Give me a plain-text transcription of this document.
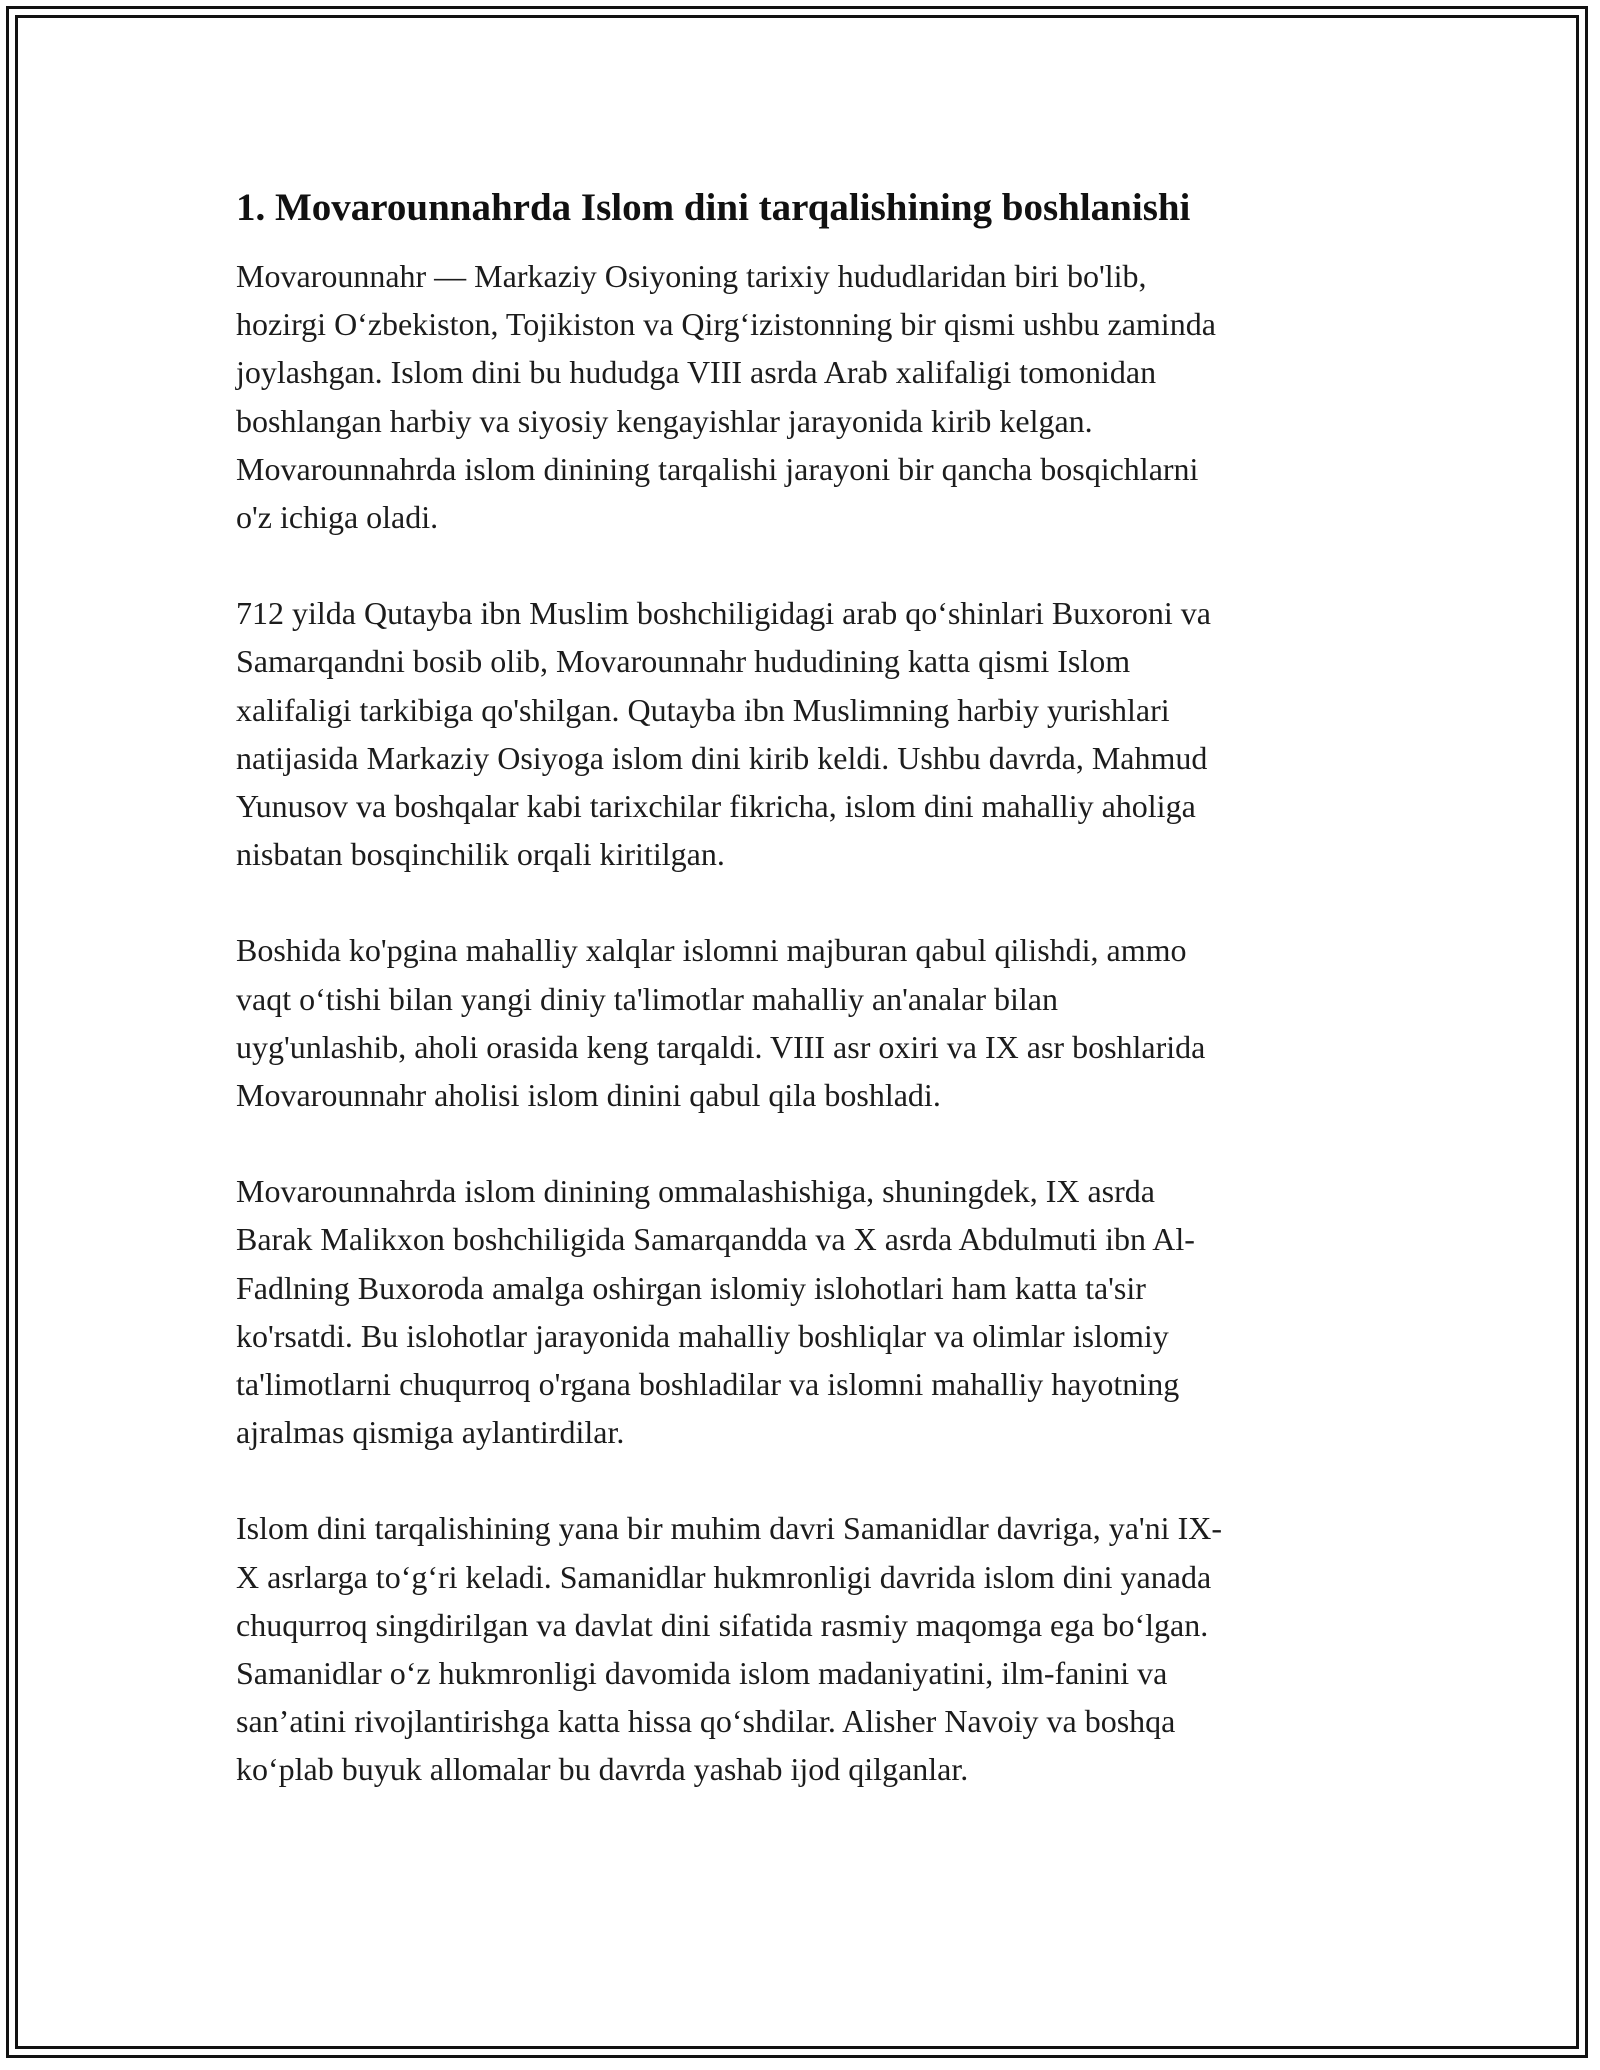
1. Movarounnahrda Islom dini tarqalishining boshlanishi
Movarounnahr — Markaziy Osiyoning tarixiy hududlaridan biri bo'lib,
hozirgi O‘zbekiston, Tojikiston va Qirg‘izistonning bir qismi ushbu zaminda
joylashgan. Islom dini bu hududga VIII asrda Arab xalifaligi tomonidan
boshlangan harbiy va siyosiy kengayishlar jarayonida kirib kelgan.
Movarounnahrda islom dinining tarqalishi jarayoni bir qancha bosqichlarni
o'z ichiga oladi.
712 yilda Qutayba ibn Muslim boshchiligidagi arab qo‘shinlari Buxoroni va
Samarqandni bosib olib, Movarounnahr hududining katta qismi Islom
xalifaligi tarkibiga qo'shilgan. Qutayba ibn Muslimning harbiy yurishlari
natijasida Markaziy Osiyoga islom dini kirib keldi. Ushbu davrda, Mahmud
Yunusov va boshqalar kabi tarixchilar fikricha, islom dini mahalliy aholiga
nisbatan bosqinchilik orqali kiritilgan.
Boshida ko'pgina mahalliy xalqlar islomni majburan qabul qilishdi, ammo
vaqt o‘tishi bilan yangi diniy ta'limotlar mahalliy an'analar bilan
uyg'unlashib, aholi orasida keng tarqaldi. VIII asr oxiri va IX asr boshlarida
Movarounnahr aholisi islom dinini qabul qila boshladi.
Movarounnahrda islom dinining ommalashishiga, shuningdek, IX asrda
Barak Malikxon boshchiligida Samarqandda va X asrda Abdulmuti ibn Al-
Fadlning Buxoroda amalga oshirgan islomiy islohotlari ham katta ta'sir
ko'rsatdi. Bu islohotlar jarayonida mahalliy boshliqlar va olimlar islomiy
ta'limotlarni chuqurroq o'rgana boshladilar va islomni mahalliy hayotning
ajralmas qismiga aylantirdilar.
Islom dini tarqalishining yana bir muhim davri Samanidlar davriga, ya'ni IX-
X asrlarga to‘g‘ri keladi. Samanidlar hukmronligi davrida islom dini yanada
chuqurroq singdirilgan va davlat dini sifatida rasmiy maqomga ega bo‘lgan.
Samanidlar o‘z hukmronligi davomida islom madaniyatini, ilm-fanini va
san’atini rivojlantirishga katta hissa qo‘shdilar. Alisher Navoiy va boshqa
ko‘plab buyuk allomalar bu davrda yashab ijod qilganlar.
